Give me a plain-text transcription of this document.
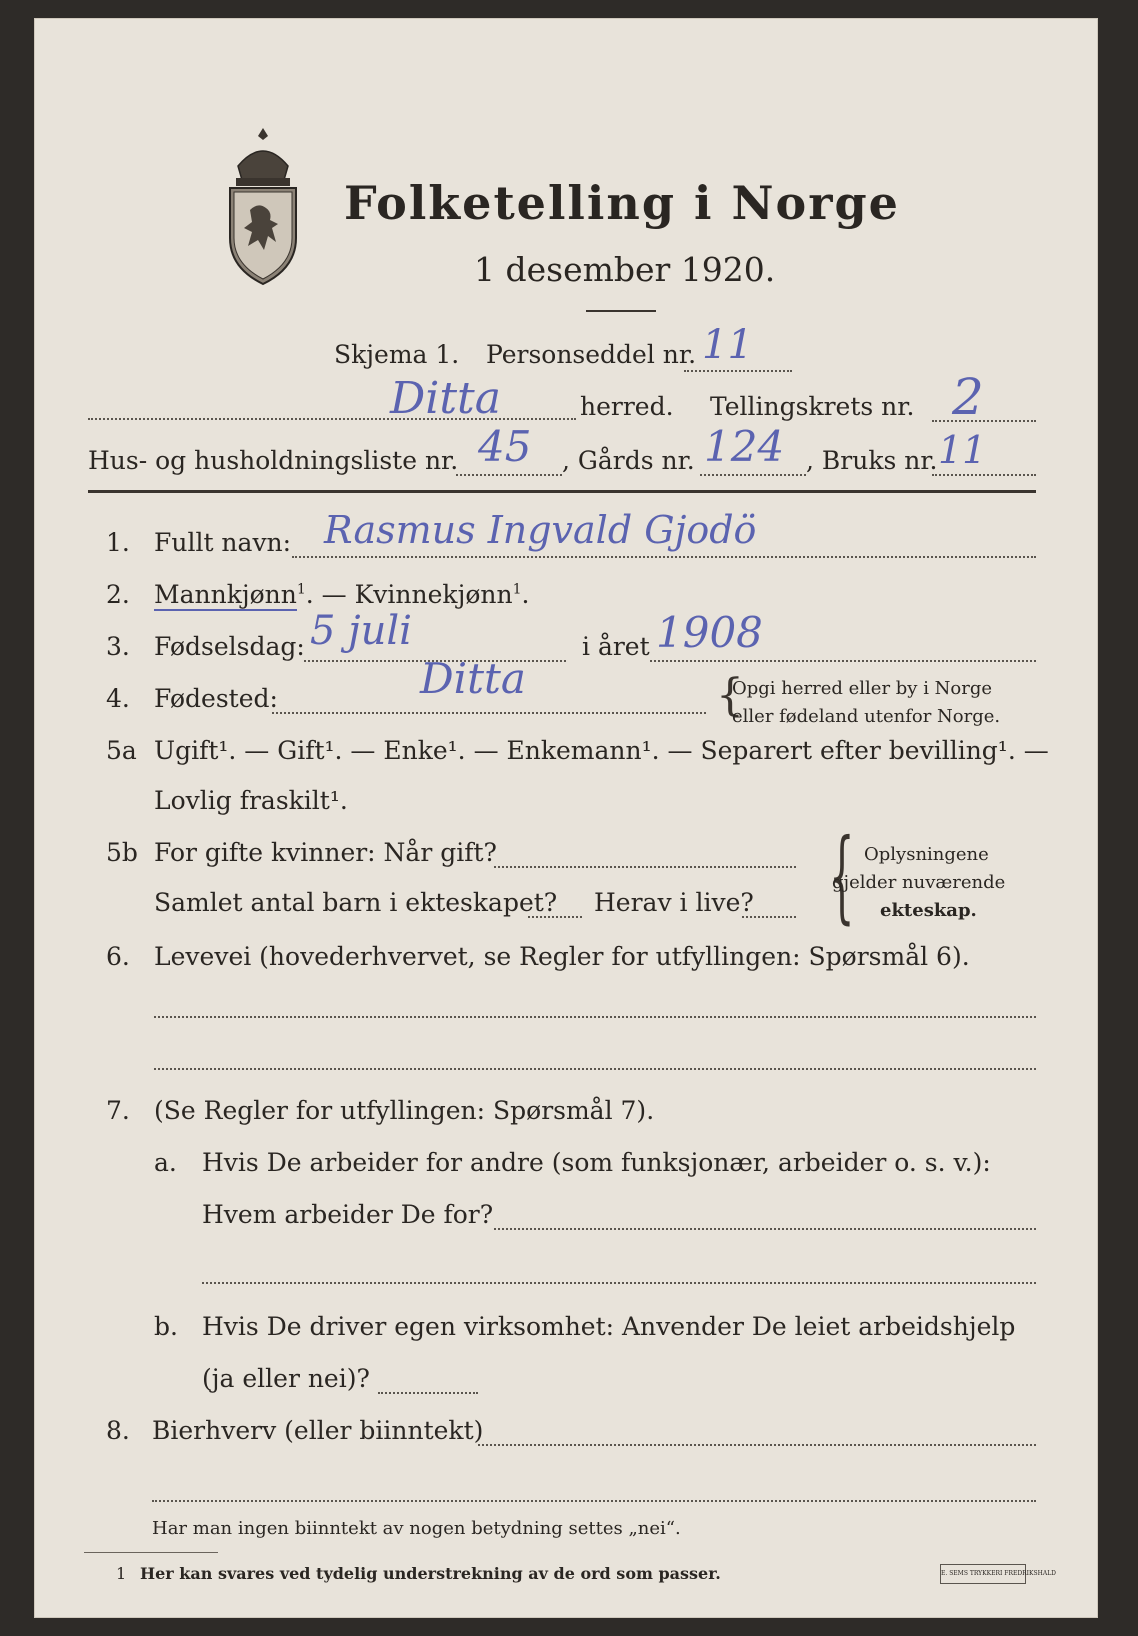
Folketelling i Norge
1 desember 1920.
Skjema 1. Personseddel nr. 11
Ditta	herred. Tellingskrets nr. 2
Hus- og husholdningsliste nr. 45 , Gårds nr. 124 , Bruks nr. 11
1. Fullt navn: Rasmus Ingvald Gjodö
2. Mannkjønn$^1$. — Kvinnekjønn$^1$.
3. Fødselsdag: 5 juli	i året 1908
4. Fødested:	Ditta	{
Opgi herred eller by i Norge
eller fødeland utenfor Norge.
5a Ugift¹. — Gift¹. — Enke¹. — Enkemann¹. — Separert efter bevilling¹. —
Lovlig fraskilt¹.
5b For gifte kvinner: Når gift?
Samlet antal barn i ekteskapet? Herav i live? { Oplysningene
gjelder nuværende
ekteskap.
6. Levevei (hovederhvervet, se Regler for utfyllingen: Spørsmål 6).
7. (Se Regler for utfyllingen: Spørsmål 7).
a. Hvis De arbeider for andre (som funksjonær, arbeider o. s. v.):
Hvem arbeider De for?
b. Hvis De driver egen virksomhet: Anvender De leiet arbeidshjelp
(ja eller nei)?
8. Bierhverv (eller biinntekt)
Har man ingen biinntekt av nogen betydning settes „nei“.
1 Her kan svares ved tydelig understrekning av de ord som passer.	E. SEMS TRYKKERI FREDRIKSHALD
